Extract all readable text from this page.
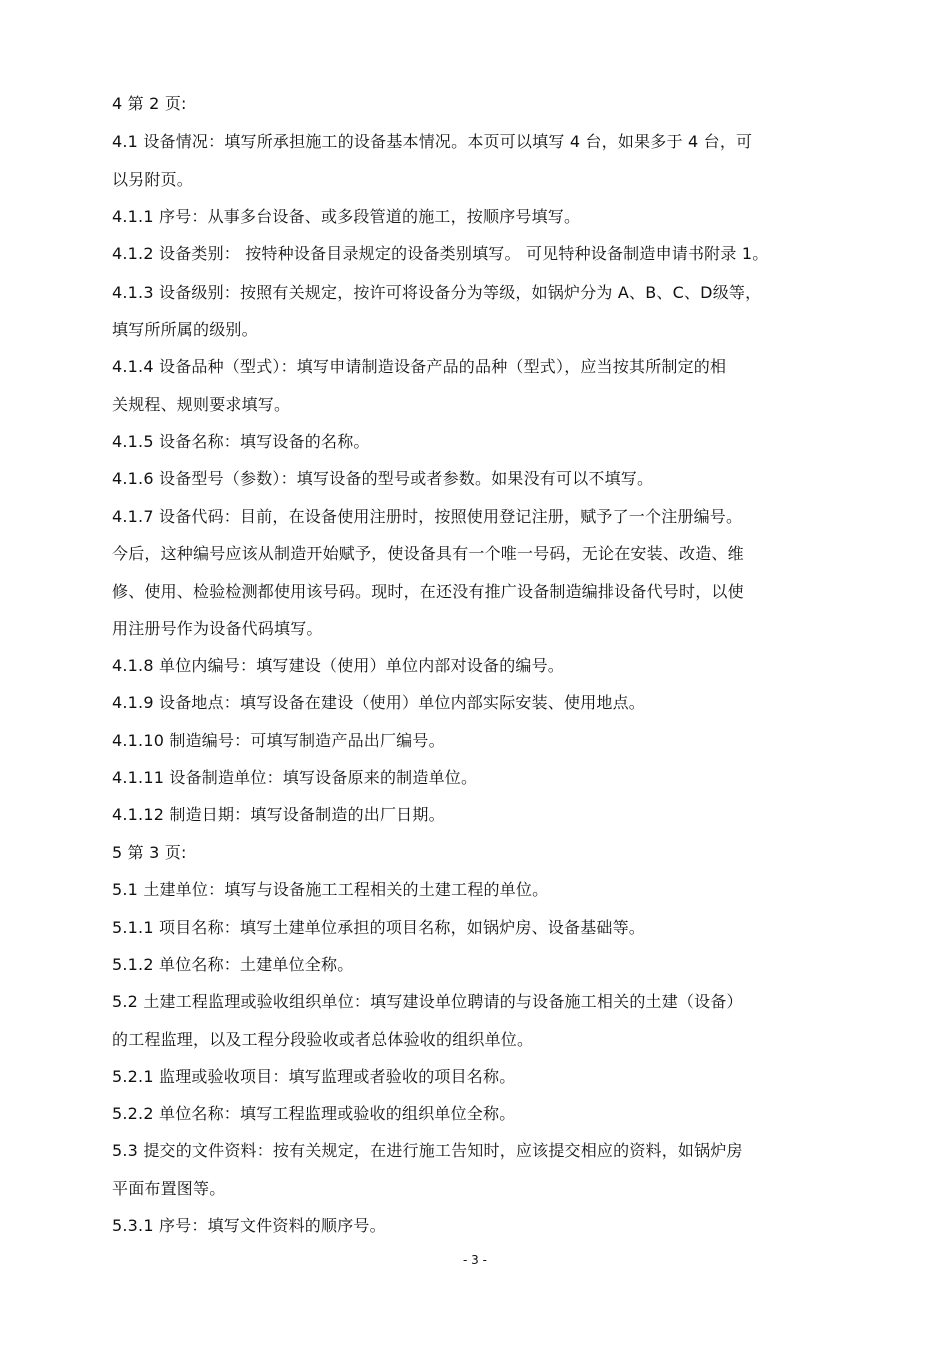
4 第 2 页:
4.1 设备情况：填写所承担施工的设备基本情况。本页可以填写 4 台，如果多于 4 台，可
以另附页。
4.1.1 序号：从事多台设备、或多段管道的施工，按顺序号填写。
4.1.2 设备类别： 按特种设备目录规定的设备类别填写。 可见特种设备制造申请书附录 1。
4.1.3 设备级别：按照有关规定，按许可将设备分为等级，如锅炉分为 A、B、C、D级等，
填写所所属的级别。
4.1.4 设备品种（型式）：填写申请制造设备产品的品种（型式），应当按其所制定的相
关规程、规则要求填写。
4.1.5 设备名称：填写设备的名称。
4.1.6 设备型号（参数）：填写设备的型号或者参数。如果没有可以不填写。
4.1.7 设备代码：目前，在设备使用注册时，按照使用登记注册，赋予了一个注册编号。
今后，这种编号应该从制造开始赋予，使设备具有一个唯一号码，无论在安装、改造、维
修、使用、检验检测都使用该号码。现时，在还没有推广设备制造编排设备代号时，以使
用注册号作为设备代码填写。
4.1.8 单位内编号：填写建设（使用）单位内部对设备的编号。
4.1.9 设备地点：填写设备在建设（使用）单位内部实际安装、使用地点。
4.1.10 制造编号：可填写制造产品出厂编号。
4.1.11 设备制造单位：填写设备原来的制造单位。
4.1.12 制造日期：填写设备制造的出厂日期。
5 第 3 页:
5.1 土建单位：填写与设备施工工程相关的土建工程的单位。
5.1.1 项目名称：填写土建单位承担的项目名称，如锅炉房、设备基础等。
5.1.2 单位名称：土建单位全称。
5.2 土建工程监理或验收组织单位：填写建设单位聘请的与设备施工相关的土建（设备）
的工程监理，以及工程分段验收或者总体验收的组织单位。
5.2.1 监理或验收项目：填写监理或者验收的项目名称。
5.2.2 单位名称：填写工程监理或验收的组织单位全称。
5.3 提交的文件资料：按有关规定，在进行施工告知时，应该提交相应的资料，如锅炉房
平面布置图等。
5.3.1 序号：填写文件资料的顺序号。
- 3 -
